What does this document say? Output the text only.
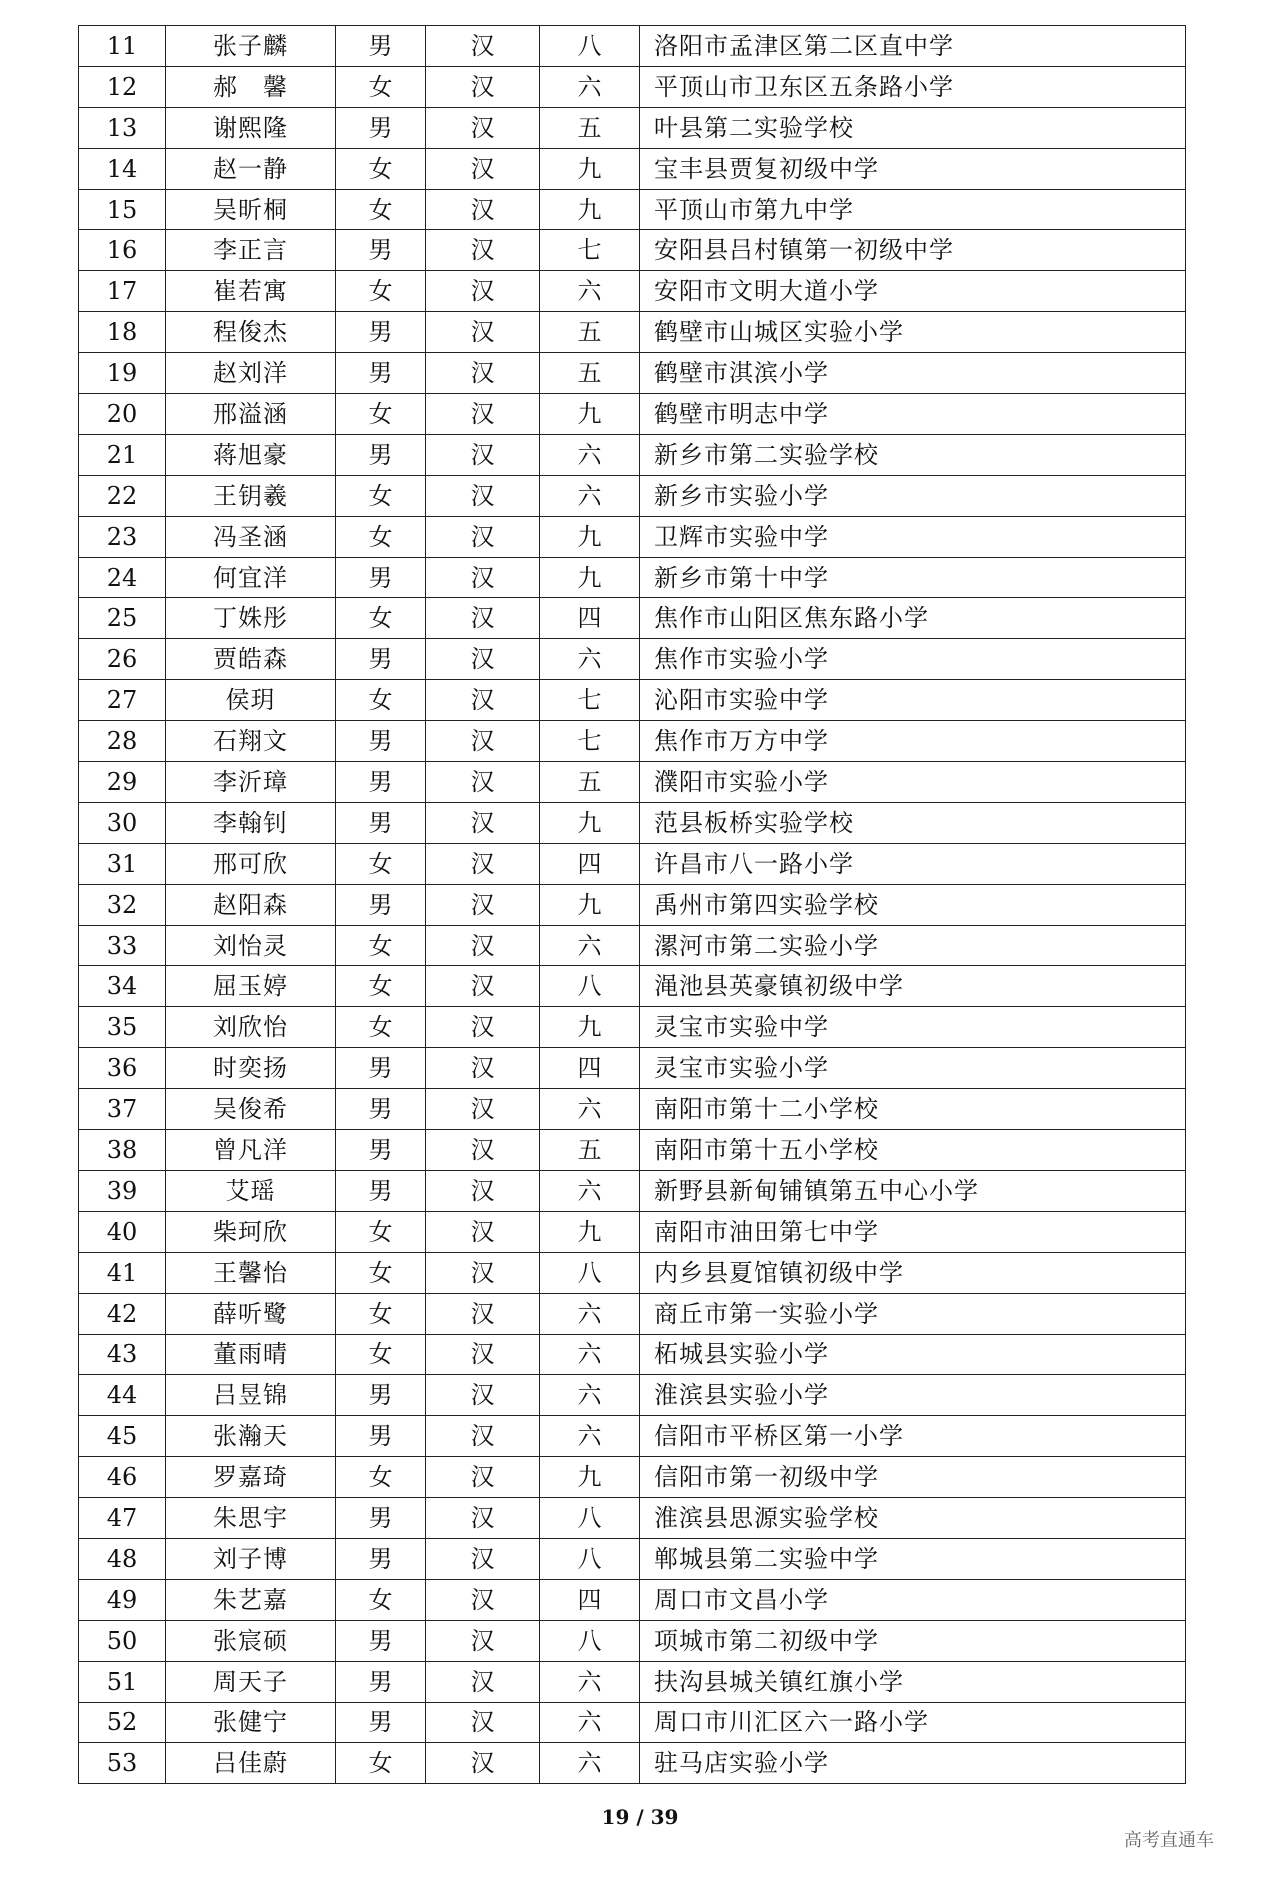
11	张子麟	男	汉	八	洛阳市孟津区第二区直中学
12	郝　馨	女	汉	六	平顶山市卫东区五条路小学
13	谢熙隆	男	汉	五	叶县第二实验学校
14	赵一静	女	汉	九	宝丰县贾复初级中学
15	吴昕桐	女	汉	九	平顶山市第九中学
16	李正言	男	汉	七	安阳县吕村镇第一初级中学
17	崔若寓	女	汉	六	安阳市文明大道小学
18	程俊杰	男	汉	五	鹤壁市山城区实验小学
19	赵刘洋	男	汉	五	鹤壁市淇滨小学
20	邢溢涵	女	汉	九	鹤壁市明志中学
21	蒋旭豪	男	汉	六	新乡市第二实验学校
22	王钥羲	女	汉	六	新乡市实验小学
23	冯圣涵	女	汉	九	卫辉市实验中学
24	何宜洋	男	汉	九	新乡市第十中学
25	丁姝彤	女	汉	四	焦作市山阳区焦东路小学
26	贾皓森	男	汉	六	焦作市实验小学
27	侯玥	女	汉	七	沁阳市实验中学
28	石翔文	男	汉	七	焦作市万方中学
29	李沂璋	男	汉	五	濮阳市实验小学
30	李翰钊	男	汉	九	范县板桥实验学校
31	邢可欣	女	汉	四	许昌市八一路小学
32	赵阳森	男	汉	九	禹州市第四实验学校
33	刘怡灵	女	汉	六	漯河市第二实验小学
34	屈玉婷	女	汉	八	渑池县英豪镇初级中学
35	刘欣怡	女	汉	九	灵宝市实验中学
36	时奕扬	男	汉	四	灵宝市实验小学
37	吴俊希	男	汉	六	南阳市第十二小学校
38	曾凡洋	男	汉	五	南阳市第十五小学校
39	艾瑶	男	汉	六	新野县新甸铺镇第五中心小学
40	柴珂欣	女	汉	九	南阳市油田第七中学
41	王馨怡	女	汉	八	内乡县夏馆镇初级中学
42	薛听鹭	女	汉	六	商丘市第一实验小学
43	董雨晴	女	汉	六	柘城县实验小学
44	吕昱锦	男	汉	六	淮滨县实验小学
45	张瀚天	男	汉	六	信阳市平桥区第一小学
46	罗嘉琦	女	汉	九	信阳市第一初级中学
47	朱思宇	男	汉	八	淮滨县思源实验学校
48	刘子博	男	汉	八	郸城县第二实验中学
49	朱艺嘉	女	汉	四	周口市文昌小学
50	张宸硕	男	汉	八	项城市第二初级中学
51	周天子	男	汉	六	扶沟县城关镇红旗小学
52	张健宁	男	汉	六	周口市川汇区六一路小学
53	吕佳蔚	女	汉	六	驻马店实验小学
19 / 39
高考直通车
